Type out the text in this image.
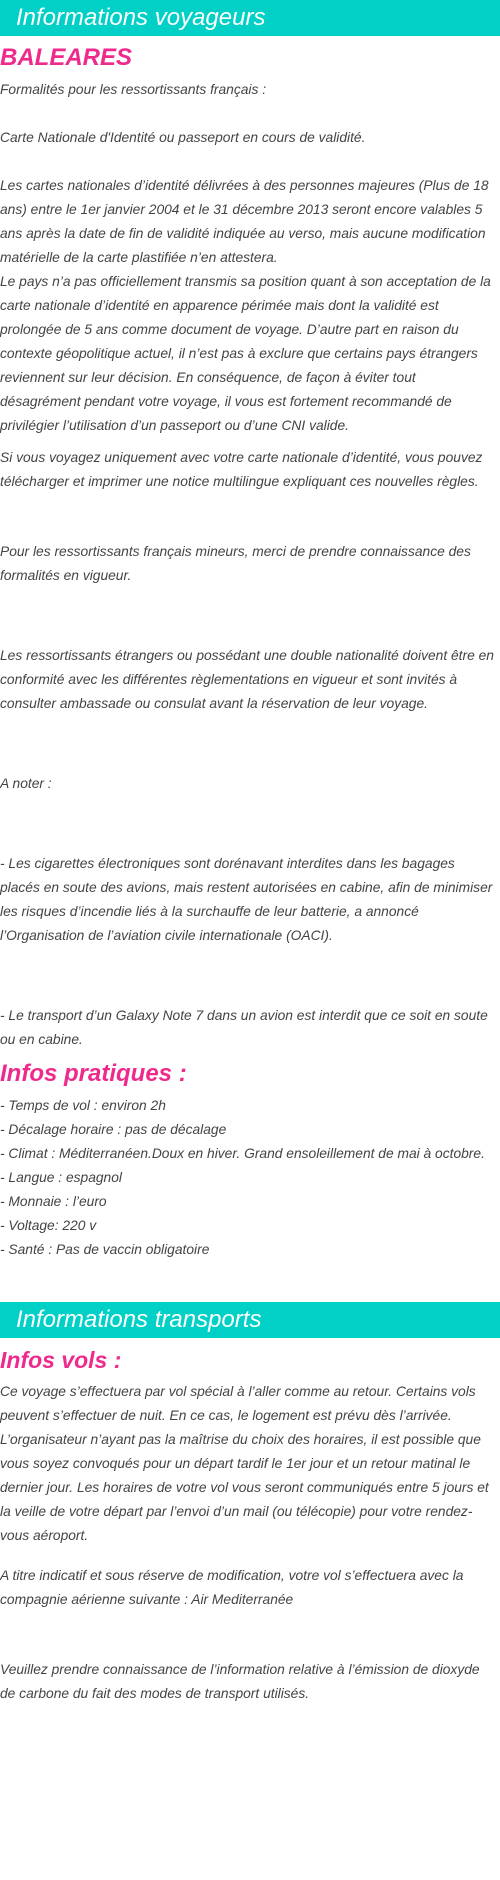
Informations voyageurs
BALEARES

Formalités pour les ressortissants français :

Carte Nationale d'Identité ou passeport en cours de validité.

Les cartes nationales d’identité délivrées à des personnes majeures (Plus de 18 ans) entre le 1er janvier 2004 et le 31 décembre 2013 seront encore valables 5 ans après la date de fin de validité indiquée au verso, mais aucune modification matérielle de la carte plastifiée n’en attestera.

Le pays n’a pas officiellement transmis sa position quant à son acceptation de la carte nationale d’identité en apparence périmée mais dont la validité est prolongée de 5 ans comme document de voyage. D’autre part en raison du contexte géopolitique actuel, il n’est pas à exclure que certains pays étrangers reviennent sur leur décision. En conséquence, de façon à éviter tout désagrément pendant votre voyage, il vous est fortement recommandé de privilégier l’utilisation d’un passeport ou d’une CNI valide.

Si vous voyagez uniquement avec votre carte nationale d’identité, vous pouvez télécharger et imprimer une notice multilingue expliquant ces nouvelles règles.

Pour les ressortissants français mineurs, merci de prendre connaissance des formalités en vigueur.

Les ressortissants étrangers ou possédant une double nationalité doivent être en conformité avec les différentes règlementations en vigueur et sont invités à consulter ambassade ou consulat avant la réservation de leur voyage.

A noter :

- Les cigarettes électroniques sont dorénavant interdites dans les bagages placés en soute des avions, mais restent autorisées en cabine, afin de minimiser les risques d’incendie liés à la surchauffe de leur batterie, a annoncé l’Organisation de l’aviation civile internationale (OACI).

- Le transport d’un Galaxy Note 7 dans un avion est interdit que ce soit en soute ou en cabine.

Infos pratiques :
- Temps de vol : environ 2h
- Décalage horaire : pas de décalage
- Climat : Méditerranéen.Doux en hiver. Grand ensoleillement de mai à octobre.
- Langue : espagnol
- Monnaie : l’euro
- Voltage: 220 v
- Santé : Pas de vaccin obligatoire
Informations transports
Infos vols :

Ce voyage s’effectuera par vol spécial à l’aller comme au retour. Certains vols peuvent s’effectuer de nuit. En ce cas, le logement est prévu dès l’arrivée. L’organisateur n’ayant pas la maîtrise du choix des horaires, il est possible que vous soyez convoqués pour un départ tardif le 1er jour et un retour matinal le dernier jour. Les horaires de votre vol vous seront communiqués entre 5 jours et la veille de votre départ par l’envoi d’un mail (ou télécopie) pour votre rendez-vous aéroport.

A titre indicatif et sous réserve de modification, votre vol s’effectuera avec la compagnie aérienne suivante : Air Mediterranée

Veuillez prendre connaissance de l’information relative à l’émission de dioxyde de carbone du fait des modes de transport utilisés.
